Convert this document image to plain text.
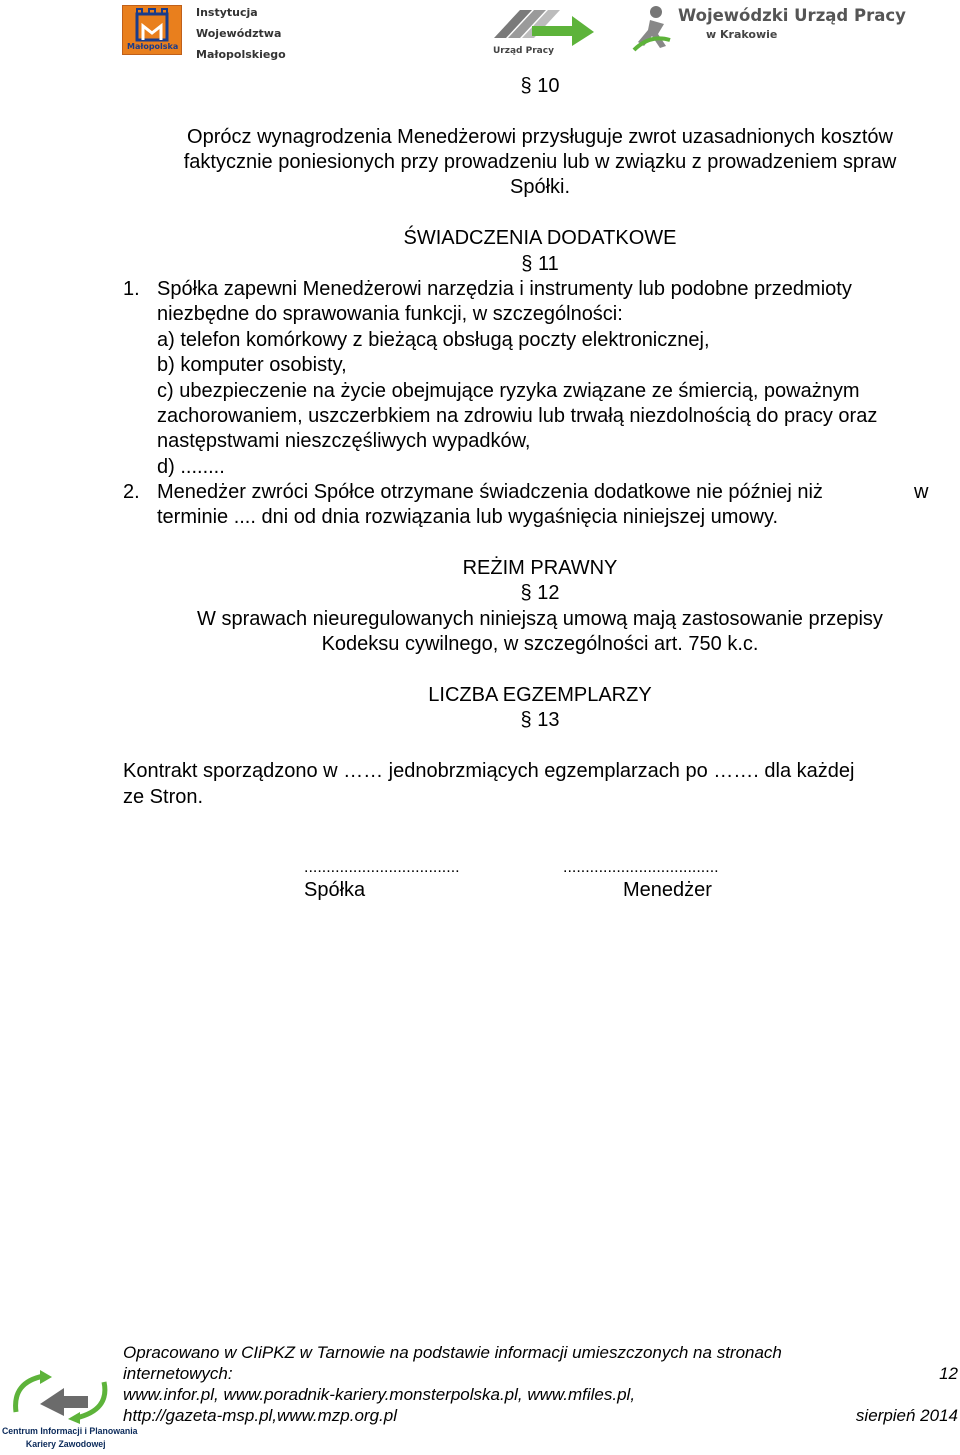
Małopolska
Instytucja
Województwa
Małopolskiego	Urząd Pracy
Wojewódzki Urząd Pracy
w Krakowie
§ 10
Oprócz wynagrodzenia Menedżerowi przysługuje zwrot uzasadnionych kosztów
faktycznie poniesionych przy prowadzeniu lub w związku z prowadzeniem spraw
Spółki.
ŚWIADCZENIA DODATKOWE
§ 11
1. Spółka zapewni Menedżerowi narzędzia i instrumenty lub podobne przedmioty
niezbędne do sprawowania funkcji, w szczególności:
a) telefon komórkowy z bieżącą obsługą poczty elektronicznej,
b) komputer osobisty,
c) ubezpieczenie na życie obejmujące ryzyka związane ze śmiercią, poważnym
zachorowaniem, uszczerbkiem na zdrowiu lub trwałą niezdolnością do pracy oraz
następstwami nieszczęśliwych wypadków,
d) ........
2. Menedżer zwróci Spółce otrzymane świadczenia dodatkowe nie później niż	w
terminie .... dni od dnia rozwiązania lub wygaśnięcia niniejszej umowy.
REŻIM PRAWNY
§ 12
W sprawach nieuregulowanych niniejszą umową mają zastosowanie przepisy
Kodeksu cywilnego, w szczególności art. 750 k.c.
LICZBA EGZEMPLARZY
§ 13
Kontrakt sporządzono w …… jednobrzmiących egzemplarzach po ……. dla każdej
ze Stron.
...................................
Spółka
...................................
Menedżer
Centrum Informacji i Planowania
Kariery Zawodowej
Opracowano w CIiPKZ w Tarnowie na podstawie informacji umieszczonych na stronach
internetowych:
www.infor.pl, www.poradnik-kariery.monsterpolska.pl, www.mfiles.pl,
http://gazeta-msp.pl,www.mzp.org.pl
12
sierpień 2014
